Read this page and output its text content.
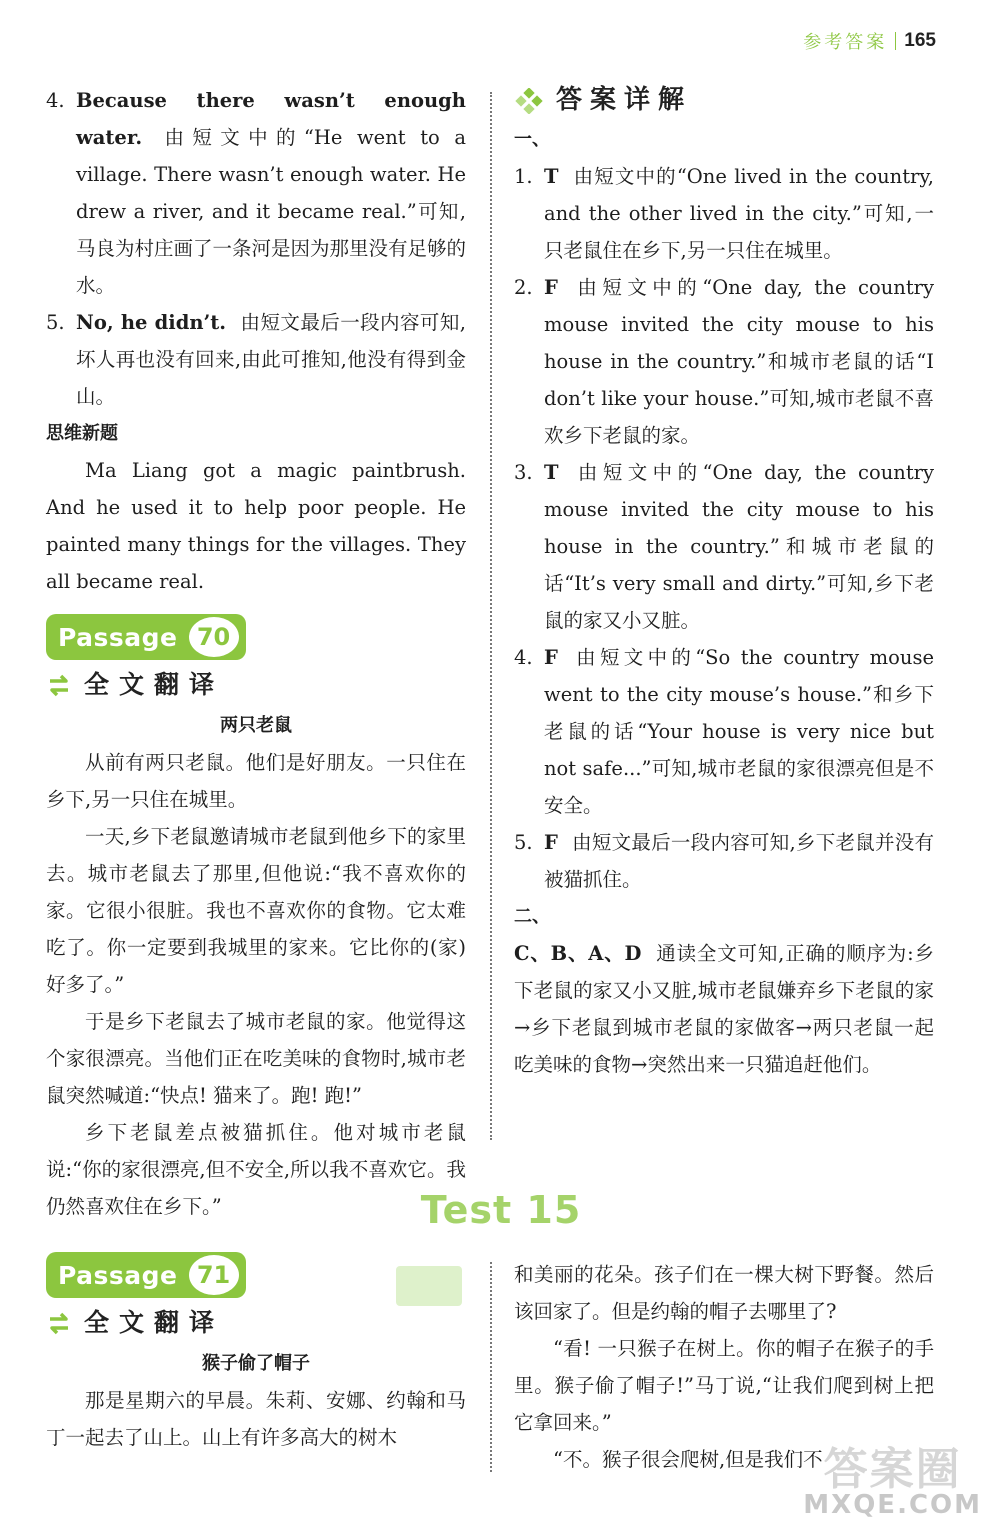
参考答案 165
4. Because there wasn’t enough water. 由短文中的“He went to a village. There wasn’t enough water. He drew a river, and it became real.”可知,马良为村庄画了一条河是因为那里没有足够的水。
5. No, he didn’t. 由短文最后一段内容可知,坏人再也没有回来,由此可推知,他没有得到金山。
思维新题
Ma Liang got a magic paintbrush. And he used it to help poor people. He painted many things for the villages. They all became real.
Passage 70
全文翻译
两只老鼠
从前有两只老鼠。他们是好朋友。一只住在乡下,另一只住在城里。
一天,乡下老鼠邀请城市老鼠到他乡下的家里去。城市老鼠去了那里,但他说:“我不喜欢你的家。它很小很脏。我也不喜欢你的食物。它太难吃了。你一定要到我城里的家来。它比你的(家)好多了。”
于是乡下老鼠去了城市老鼠的家。他觉得这个家很漂亮。当他们正在吃美味的食物时,城市老鼠突然喊道:“快点! 猫来了。跑! 跑!”
乡下老鼠差点被猫抓住。他对城市老鼠说:“你的家很漂亮,但不安全,所以我不喜欢它。我仍然喜欢住在乡下。”
答案详解
一、
1. T 由短文中的“One lived in the country, and the other lived in the city.”可知,一只老鼠住在乡下,另一只住在城里。
2. F 由短文中的“One day, the country mouse invited the city mouse to his house in the country.”和城市老鼠的话“I don’t like your house.”可知,城市老鼠不喜欢乡下老鼠的家。
3. T 由短文中的“One day, the country mouse invited the city mouse to his house in the country.”和城市老鼠的话“It’s very small and dirty.”可知,乡下老鼠的家又小又脏。
4. F 由短文中的“So the country mouse went to the city mouse’s house.”和乡下老鼠的话“Your house is very nice but not safe...”可知,城市老鼠的家很漂亮但是不安全。
5. F 由短文最后一段内容可知,乡下老鼠并没有被猫抓住。
二、
C、B、A、D 通读全文可知,正确的顺序为:乡下老鼠的家又小又脏,城市老鼠嫌弃乡下老鼠的家→乡下老鼠到城市老鼠的家做客→两只老鼠一起吃美味的食物→突然出来一只猫追赶他们。
Test 15
Passage 71
全文翻译
猴子偷了帽子
那是星期六的早晨。朱莉、安娜、约翰和马丁一起去了山上。山上有许多高大的树木
和美丽的花朵。孩子们在一棵大树下野餐。然后该回家了。但是约翰的帽子去哪里了?
“看! 一只猴子在树上。你的帽子在猴子的手里。猴子偷了帽子!”马丁说,“让我们爬到树上把它拿回来。”
“不。猴子很会爬树,但是我们不 答案圈
MXQE.COM
